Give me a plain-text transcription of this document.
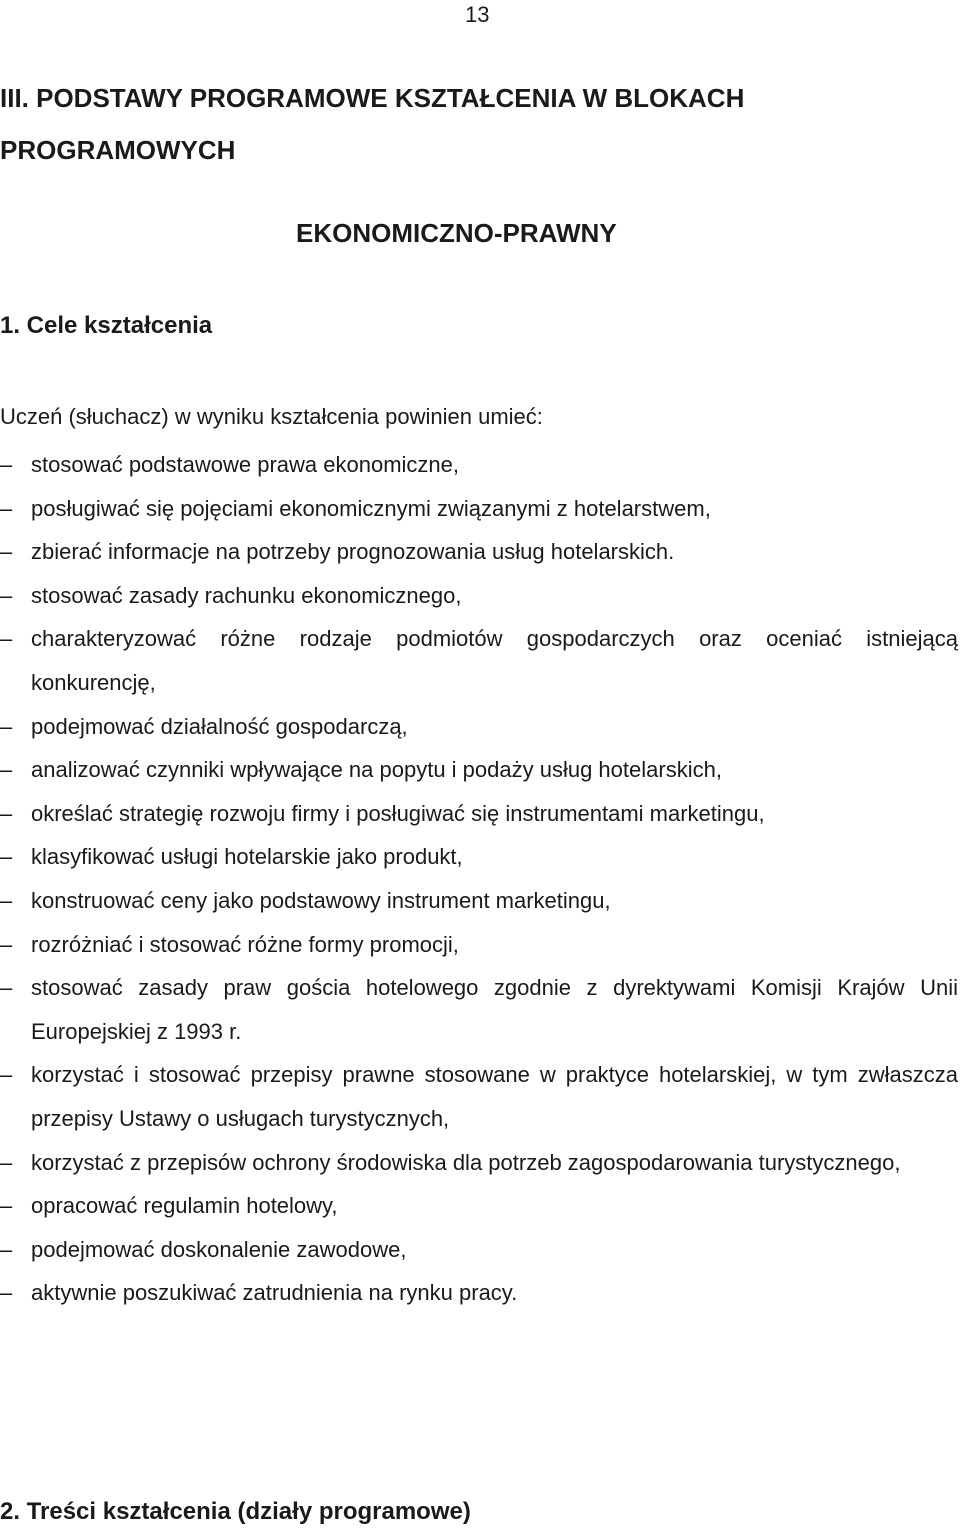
13
III. PODSTAWY PROGRAMOWE KSZTAŁCENIA W BLOKACH PROGRAMOWYCH
EKONOMICZNO-PRAWNY
1. Cele kształcenia

Uczeń (słuchacz) w wyniku kształcenia powinien umieć:

– stosować podstawowe prawa ekonomiczne,
– posługiwać się pojęciami ekonomicznymi związanymi z hotelarstwem,
– zbierać informacje na potrzeby prognozowania usług hotelarskich.
– stosować zasady rachunku ekonomicznego,
– charakteryzować różne rodzaje podmiotów gospodarczych oraz oceniać istniejącą konkurencję,
– podejmować działalność gospodarczą,
– analizować czynniki wpływające na popytu i podaży usług hotelarskich,
– określać strategię rozwoju firmy i posługiwać się instrumentami marketingu,
– klasyfikować usługi hotelarskie jako produkt,
– konstruować ceny jako podstawowy instrument marketingu,
– rozróżniać i stosować różne formy promocji,
– stosować zasady praw gościa hotelowego zgodnie z dyrektywami Komisji Krajów Unii Europejskiej z 1993 r.
– korzystać i stosować przepisy prawne stosowane w praktyce hotelarskiej, w tym zwłaszcza przepisy Ustawy o usługach turystycznych,
– korzystać z przepisów ochrony środowiska dla potrzeb zagospodarowania turystycznego,
– opracować regulamin hotelowy,
– podejmować doskonalenie zawodowe,
– aktywnie poszukiwać zatrudnienia na rynku pracy.
2. Treści kształcenia (działy programowe)
